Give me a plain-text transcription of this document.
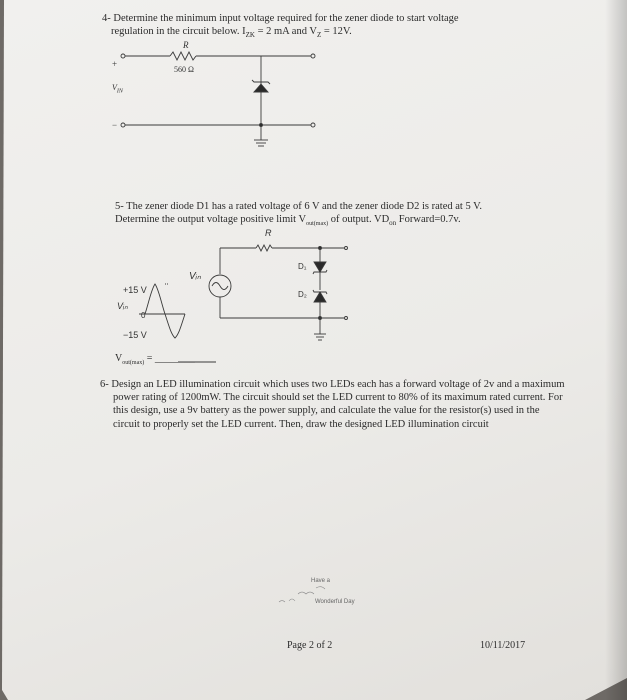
4- Determine the minimum input voltage required for the zener diode to start voltage
regulation in the circuit below. $I_{ZK} = 2$ mA and $V_Z = 12V$.
R
560 Ω
+
$V_{IN}$
−
5- The zener diode D1 has a rated voltage of 6 V and the zener diode D2 is rated at 5 V.
Determine the output voltage positive limit $V_{out(max)}$ of output. $VD_{on}$ Forward=0.7v.
R
D₁
D₂
Vᵢₙ
+15 V
Vᵢₙ
0
−15 V
$V_{out(max)}$ = ________
6- Design an LED illumination circuit which uses two LEDs each has a forward voltage of 2v and a maximum power rating of 1200mW. The circuit should set the LED current to 80% of its maximum rated current. For this design, use a 9v battery as the power supply, and calculate the value for the resistor(s) used in the circuit to properly set the LED current. Then, draw the designed LED illumination circuit
Have a
Wonderful Day
Page 2 of 2	10/11/2017
